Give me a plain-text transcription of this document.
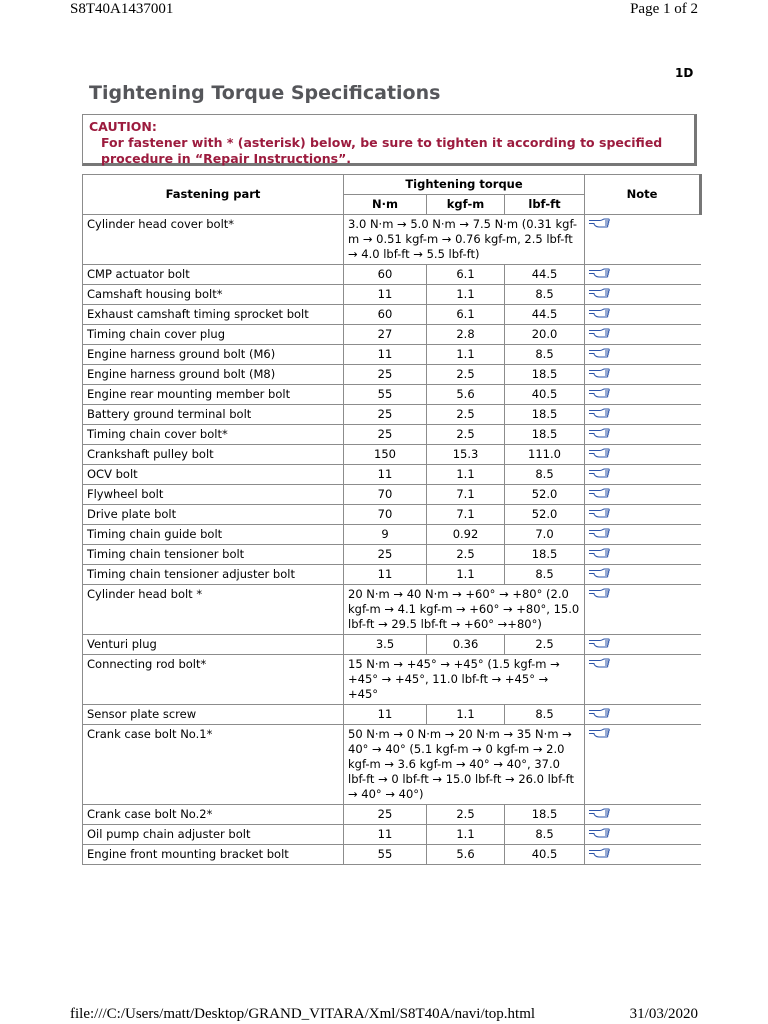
S8T40A1437001	Page 1 of 2
1D
Tightening Torque Specifications
CAUTION:
For fastener with * (asterisk) below, be sure to tighten it according to specified procedure in “Repair Instructions”.
Fastening part	Tightening torque			Note
	N·m	kgf-m	lbf-ft	
Cylinder head cover bolt*	3.0 N·m → 5.0 N·m → 7.5 N·m (0.31 kgf-m → 0.51 kgf-m → 0.76 kgf-m, 2.5 lbf-ft → 4.0 lbf-ft → 5.5 lbf-ft)	

CMP actuator bolt	60	6.1	44.5	

Camshaft housing bolt*	11	1.1	8.5	

Exhaust camshaft timing sprocket bolt	60	6.1	44.5	

Timing chain cover plug	27	2.8	20.0	

Engine harness ground bolt (M6)	11	1.1	8.5	

Engine harness ground bolt (M8)	25	2.5	18.5	

Engine rear mounting member bolt	55	5.6	40.5	

Battery ground terminal bolt	25	2.5	18.5	

Timing chain cover bolt*	25	2.5	18.5	

Crankshaft pulley bolt	150	15.3	111.0	

OCV bolt	11	1.1	8.5	

Flywheel bolt	70	7.1	52.0	

Drive plate bolt	70	7.1	52.0	

Timing chain guide bolt	9	0.92	7.0	

Timing chain tensioner bolt	25	2.5	18.5	

Timing chain tensioner adjuster bolt	11	1.1	8.5	

Cylinder head bolt *	20 N·m → 40 N·m → +60° → +80° (2.0 kgf-m → 4.1 kgf-m → +60° → +80°, 15.0 lbf-ft → 29.5 lbf-ft → +60° →+80°)	

Venturi plug	3.5	0.36	2.5	

Connecting rod bolt*	15 N·m → +45° → +45° (1.5 kgf-m → +45° → +45°, 11.0 lbf-ft → +45° → +45°	

Sensor plate screw	11	1.1	8.5	

Crank case bolt No.1*	50 N·m → 0 N·m → 20 N·m → 35 N·m → 40° → 40° (5.1 kgf-m → 0 kgf-m → 2.0 kgf-m → 3.6 kgf-m → 40° → 40°, 37.0 lbf-ft → 0 lbf-ft → 15.0 lbf-ft → 26.0 lbf-ft → 40° → 40°)	

Crank case bolt No.2*	25	2.5	18.5	

Oil pump chain adjuster bolt	11	1.1	8.5	

Engine front mounting bracket bolt	55	5.6	40.5	
file:///C:/Users/matt/Desktop/GRAND_VITARA/Xml/S8T40A/navi/top.html	31/03/2020
